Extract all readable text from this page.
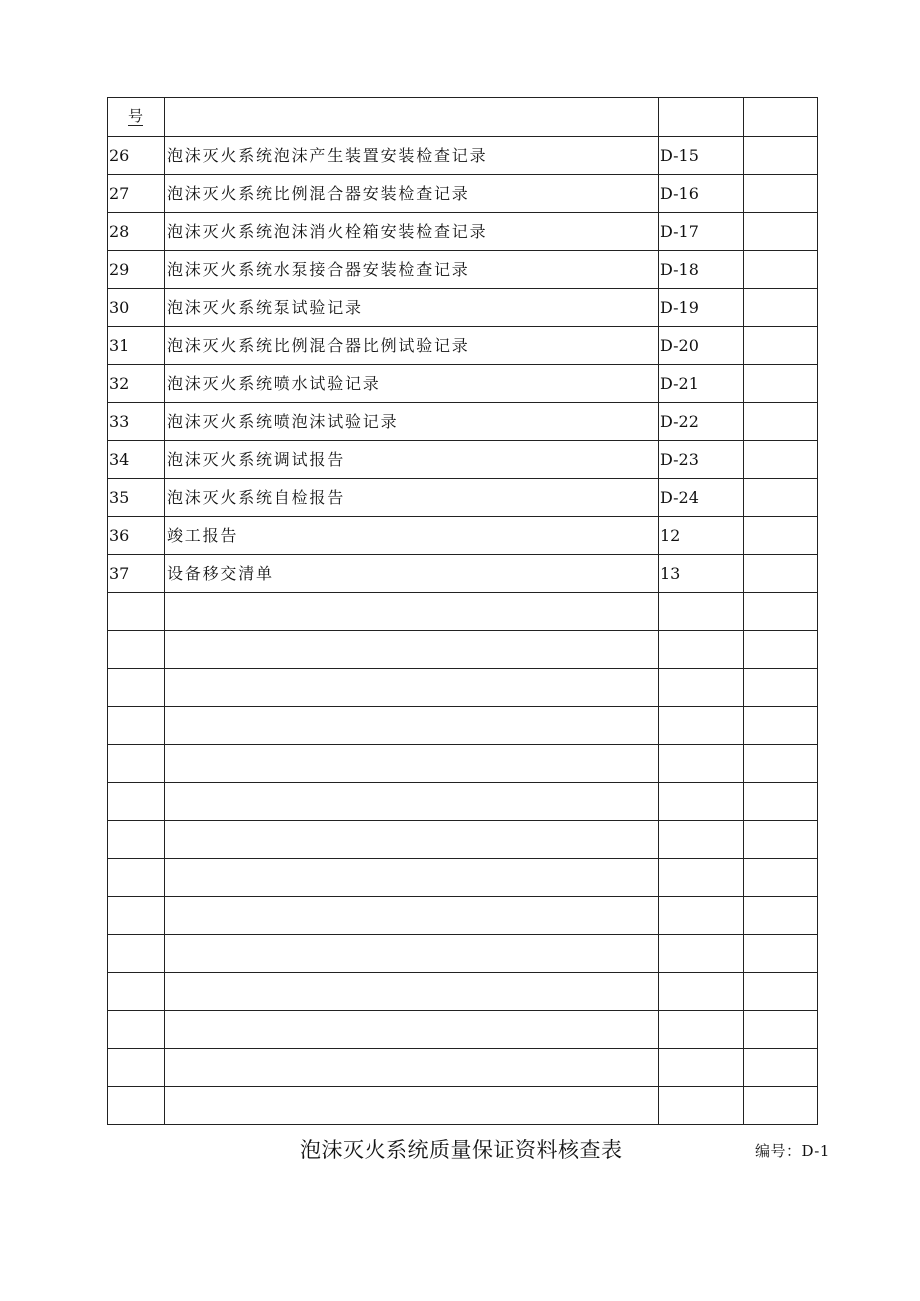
号			
26	泡沫灭火系统泡沫产生装置安装检查记录	D-15	
27	泡沫灭火系统比例混合器安装检查记录	D-16	
28	泡沫灭火系统泡沫消火栓箱安装检查记录	D-17	
29	泡沫灭火系统水泵接合器安装检查记录	D-18	
30	泡沫灭火系统泵试验记录	D-19	
31	泡沫灭火系统比例混合器比例试验记录	D-20	
32	泡沫灭火系统喷水试验记录	D-21	
33	泡沫灭火系统喷泡沫试验记录	D-22	
34	泡沫灭火系统调试报告	D-23	
35	泡沫灭火系统自检报告	D-24	
36	竣工报告	12	
37	设备移交清单	13	

泡沫灭火系统质量保证资料核查表	编号：D-1
